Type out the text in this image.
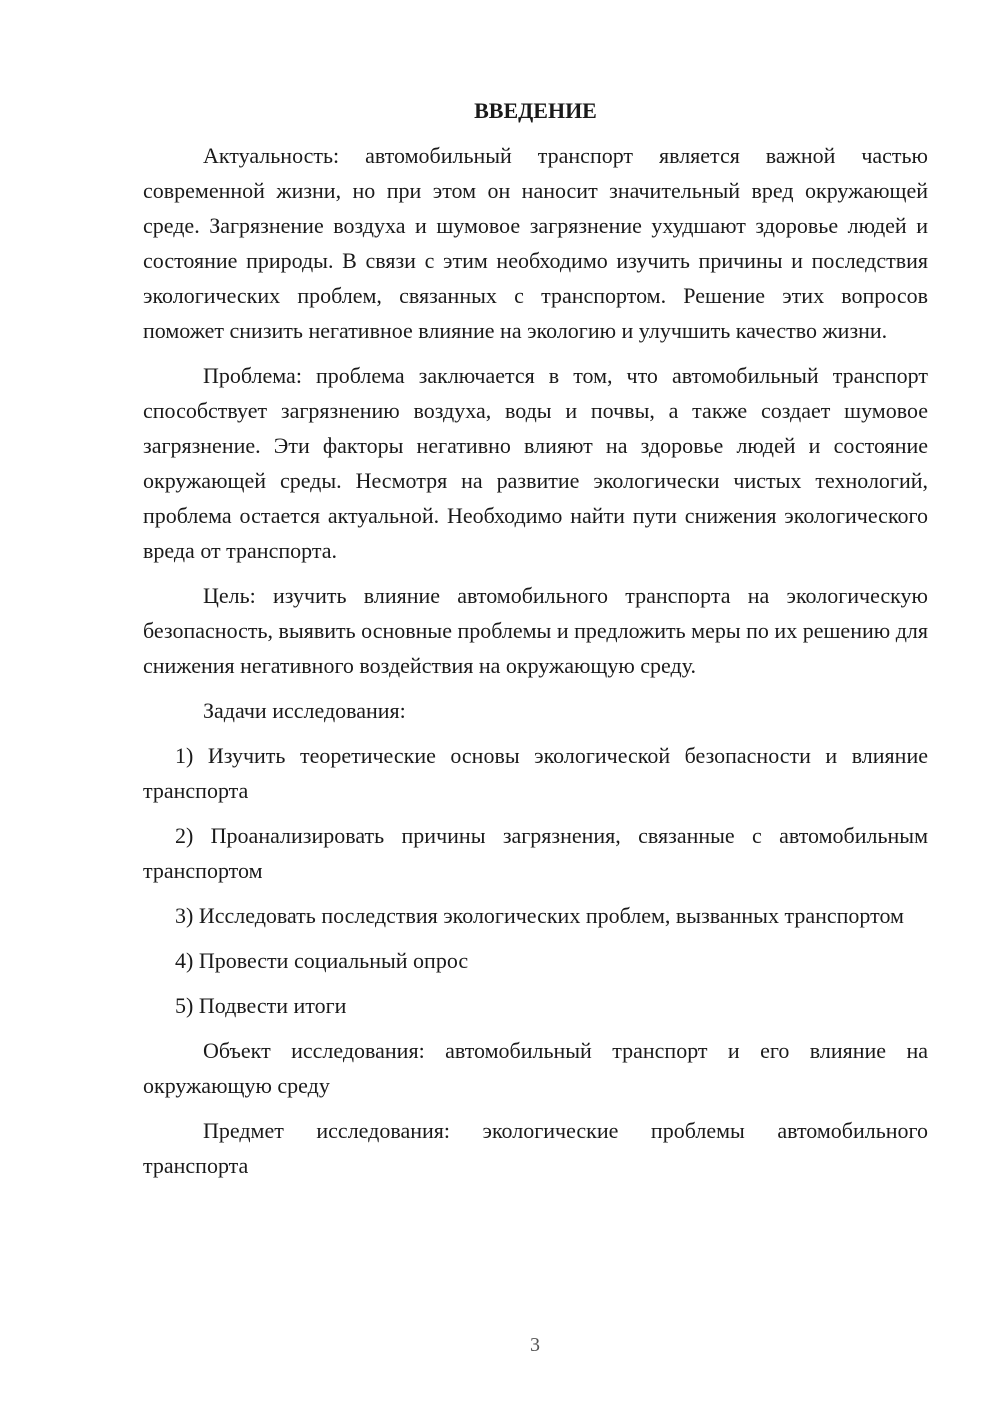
ВВЕДЕНИЕ

Актуальность: автомобильный транспорт является важной частью современной жизни, но при этом он наносит значительный вред окружающей среде. Загрязнение воздуха и шумовое загрязнение ухудшают здоровье людей и состояние природы. В связи с этим необходимо изучить причины и последствия экологических проблем, связанных с транспортом. Решение этих вопросов поможет снизить негативное влияние на экологию и улучшить качество жизни.

Проблема: проблема заключается в том, что автомобильный транспорт способствует загрязнению воздуха, воды и почвы, а также создает шумовое загрязнение. Эти факторы негативно влияют на здоровье людей и состояние окружающей среды. Несмотря на развитие экологически чистых технологий, проблема остается актуальной. Необходимо найти пути снижения экологического вреда от транспорта.

Цель: изучить влияние автомобильного транспорта на экологическую безопасность, выявить основные проблемы и предложить меры по их решению для снижения негативного воздействия на окружающую среду.

Задачи исследования:

1) Изучить теоретические основы экологической безопасности и влияние транспорта

2) Проанализировать причины загрязнения, связанные с автомобильным транспортом

3) Исследовать последствия экологических проблем, вызванных транспортом

4) Провести социальный опрос

5) Подвести итоги

Объект исследования: автомобильный транспорт и его влияние на окружающую среду

Предмет исследования: экологические проблемы автомобильного транспорта

3
